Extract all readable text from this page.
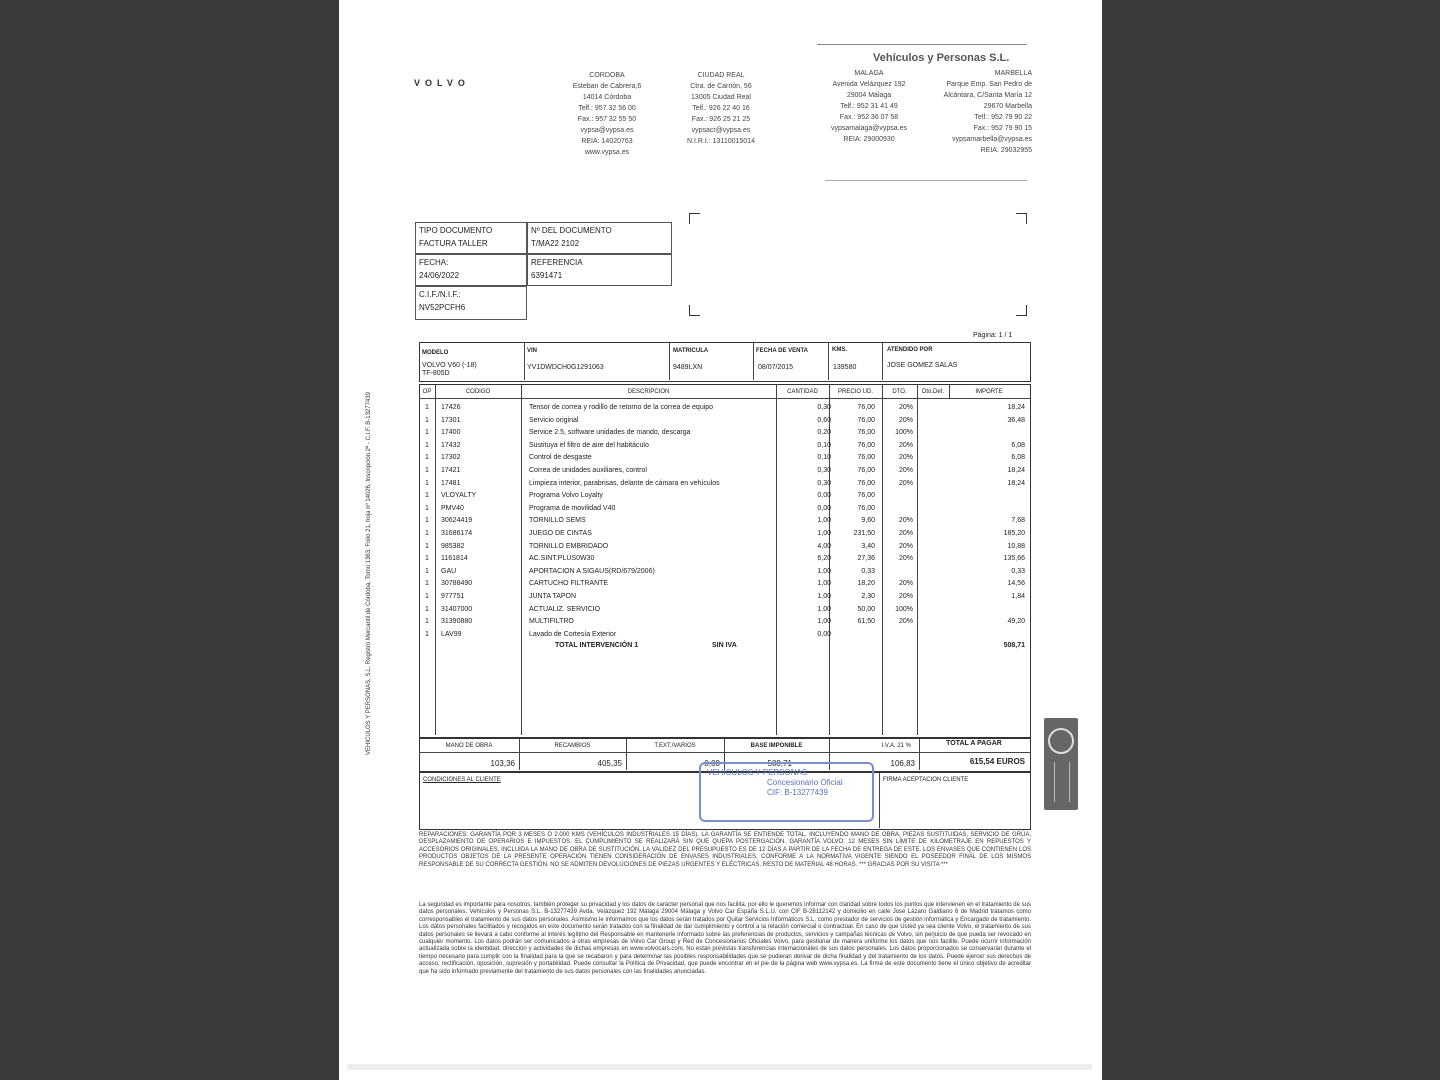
VEHICULOS Y PERSONAS, S.L. Registro Mercantil de Córdoba, Tomo 1363, Folio 21, hoja nº 14026, Inscripción 2ª - C.I.F. B-13277439
VOLVO
Vehículos y Personas S.L.
CORDOBA
Esteban de Cabrera,6
14014 Córdoba
Telf.: 957 32 56 00
Fax.: 957 32 55 50
vypsa@vypsa.es
REIA: 14020763
www.vypsa.es
CIUDAD REAL
Ctra. de Carrión, 56
13005 Ciudad Real
Telf.: 926 22 40 16
Fax.: 926 25 21 25
vypsacr@vypsa.es
N.I.R.I.: 13110015014
MALAGA
Avenida Velázquez 192
29004 Málaga
Telf.: 952 31 41 49
Fax.: 952 36 07 58
vypsamalaga@vypsa.es
REIA: 29000930
MARBELLA
Parque Emp. San Pedro de
Alcántara, C/Santa María 12
29670 Marbella
Telf.: 952 79 90 22
Fax.: 952 79 90 15
vypsamarbella@vypsa.es
REIA: 29032955
TIPO DOCUMENTO
FACTURA TALLER
Nº DEL DOCUMENTO
T/MA22 2102
FECHA:
24/06/2022
REFERENCIA
6391471
C.I.F./N.I.F.:
NV52PCFH6
Página: 1 / 1
MODELO
VOLVO V60 (-18)
TF-805D
VIN
YV1DWDCH0G1291063
MATRICULA
9489LXN
FECHA DE VENTA
08/07/2015
KMS.
139580
ATENDIDO POR
JOSE GOMEZ SALAS
OP	CODIGO	DESCRIPCION	CANTIDAD	PRECIO UD.	DTO.	Dto.Def.	IMPORTE
1 17426	Tensor de correa y rodillo de retorno de la correa de equipo	0,30	76,00	20%	18,24
1 17301	Servicio original	0,60	76,00	20%	36,48
1 17400	Service 2.5, software unidades de mando, descarga	0,20	76,00	100%
1 17432	Sustituya el filtro de aire del habitáculo	0,10	76,00	20%	6,08
1 17302	Control de desgaste	0,10	76,00	20%	6,08
1 17421	Correa de unidades auxiliares, control	0,30	76,00	20%	18,24
1 17481	Limpieza interior, parabrisas, delante de cámara en vehículos	0,30	76,00	20%	18,24
1 VLOYALTY	Programa Volvo Loyalty	0,00	76,00
1 PMV40	Programa de movilidad V40	0,00	76,00
1 30624419	TORNILLO SEMS	1,00	9,60	20%	7,68
1 31686174	JUEGO DE CINTAS	1,00	231,50	20%	185,20
1 985382	TORNILLO EMBRIDADO	4,00	3,40	20%	10,88
1 1161814	AC.SINT.PLUS0W30	6,20	27,36	20%	135,66
1 GAU	APORTACION A SIGAUS(RD/679/2006)	1,00	0,33	0,33
1 30788490	CARTUCHO FILTRANTE	1,00	18,20	20%	14,56
1 977751	JUNTA TAPON	1,00	2,30	20%	1,84
1 31407000	ACTUALIZ. SERVICIO	1,00	50,00	100%
1 31390880	MULTIFILTRO	1,00	61,50	20%	49,20
1 LAV99	Lavado de Cortesía Exterior	0,00
TOTAL INTERVENCIÓN 1	SIN IVA	508,71
MANO DE OBRA
103,36
RECAMBIOS
405,35
T.EXT./VARIOS
0,00
BASE IMPONIBLE
508,71
I.V.A. 21 %
106,83
TOTAL A PAGAR
615,54 EUROS
CONDICIONES AL CLIENTE	FIRMA ACEPTACION CLIENTE
VEHICULOS Y PERSONAS
Concesionario Oficial
CIF: B-13277439
REPARACIONES: GARANTÍA POR 3 MESES O 2.000 KMS (VEHÍCULOS INDUSTRIALES 15 DÍAS). LA GARANTÍA SE ENTIENDE TOTAL, INCLUYENDO MANO DE OBRA, PIEZAS SUSTITUIDAS, SERVICIO DE GRÚA, DESPLAZAMIENTO DE OPERARIOS E IMPUESTOS. EL CUMPLIMIENTO SE REALIZARÁ SIN QUE QUEPA POSTERGACIÓN. GARANTÍA VOLVO: 12 MESES SIN LÍMITE DE KILOMETRAJE EN REPUESTOS Y ACCESORIOS ORIGINALES, INCLUIDA LA MANO DE OBRA DE SUSTITUCIÓN. LA VALIDEZ DEL PRESUPUESTO ES DE 12 DÍAS A PARTIR DE LA FECHA DE ENTREGA DE ESTE. LOS ENVASES QUE CONTIENEN LOS PRODUCTOS OBJETOS DE LA PRESENTE OPERACIÓN TIENEN CONSIDERACIÓN DE ENVASES INDUSTRIALES, CONFORME A LA NORMATIVA VIGENTE SIENDO EL POSEEDOR FINAL DE LOS MISMOS RESPONSABLE DE SU CORRECTA GESTIÓN. NO SE ADMITEN DEVOLUCIONES DE PIEZAS URGENTES Y ELÉCTRICAS. RESTO DE MATERIAL 48 HORAS. *** GRACIAS POR SU VISITA ***
La seguridad es importante para nosotros, también proteger su privacidad y los datos de carácter personal que nos facilita, por ello le queremos informar con claridad sobre todos los puntos que intervienen en el tratamiento de sus datos personales. Vehículos y Personas S.L. B-13277439 Avda. Velázquez 192 Málaga 29004 Málaga y Volvo Car España S.L.U. con CIF B-28112142 y domicilio en calle José Lázaro Galdiano 6 de Madrid tratamos como corresponsables el tratamiento de sus datos personales. Asimismo le informamos que los datos serán tratados por Quitar Servicios Informáticos S.L. como prestador de servicios de gestión informática y Encargado de tratamiento. Los datos personales facilitados y recogidos en este documento serán tratados con la finalidad de dar cumplimiento y control a la relación comercial o contractual. En caso de que Usted ya sea cliente Volvo, el tratamiento de sus datos personales se llevará a cabo conforme al interés legítimo del Responsable en mantenerle informado sobre las preferencias de productos, servicios y campañas técnicas de Volvo, sin perjuicio de que pueda ser revocado en cualquier momento. Los datos podrán ser comunicados a otras empresas de Volvo Car Group y Red de Concesionarios Oficiales Volvo, para gestionar de manera uniforme los datos que nos facilite. Puede ocurrir información actualizada sobre la identidad, dirección y actividades de dichas empresas en www.volvocars.com. No están previstas transferencias internacionales de sus datos personales. Los datos proporcionados se conservarán durante el tiempo necesario para cumplir con la finalidad para la que se recabaron y para determinar las posibles responsabilidades que se pudieran derivar de dicha finalidad y del tratamiento de los datos. Puede ejercer sus derechos de acceso, rectificación, oposición, supresión y portabilidad. Puede consultar la Política de Privacidad, que puede encontrar en el pie de la página web www.vypsa.es. La firma de este documento tiene el único objetivo de acreditar que ha sido informado previamente del tratamiento de sus datos personales con las finalidades anunciadas.
